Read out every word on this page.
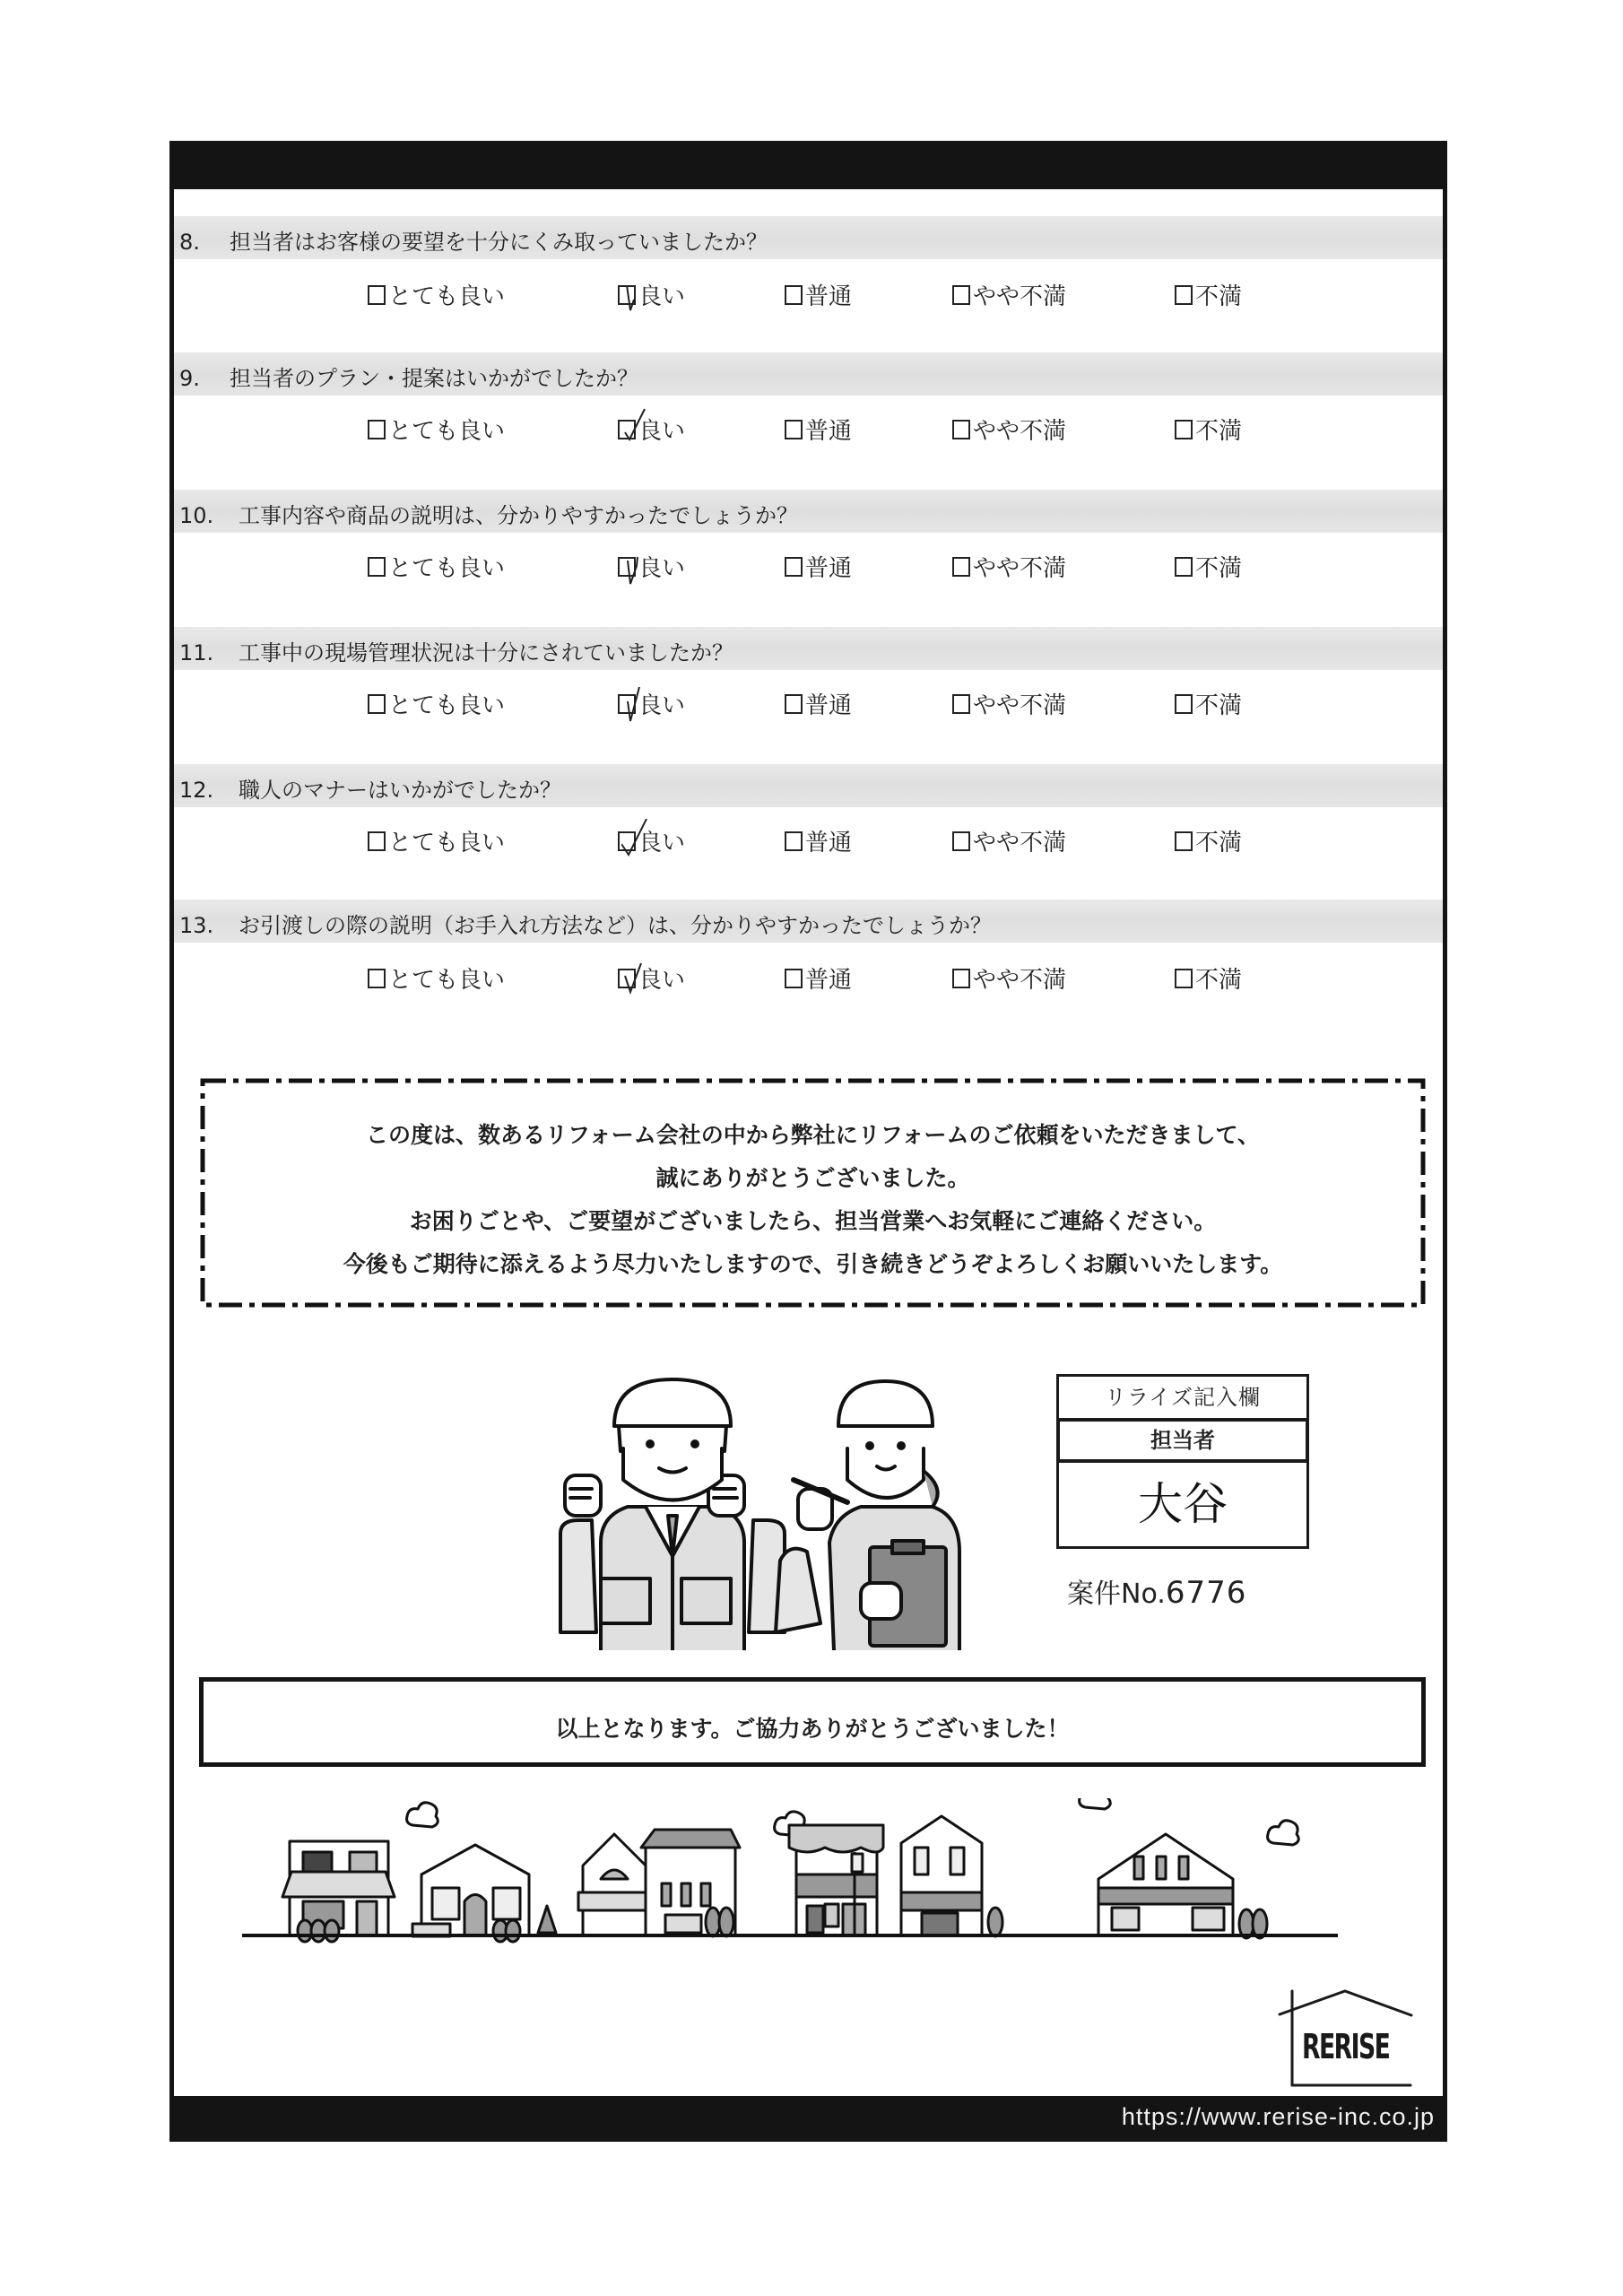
8. 担当者はお客様の要望を十分にくみ取っていましたか？
とても良い	良い	普通	やや不満	不満
9. 担当者のプラン・提案はいかがでしたか？
とても良い	良い	普通	やや不満	不満
10. 工事内容や商品の説明は、分かりやすかったでしょうか？
とても良い	良い	普通	やや不満	不満
11. 工事中の現場管理状況は十分にされていましたか？
とても良い	良い	普通	やや不満	不満
12. 職人のマナーはいかがでしたか？
とても良い	良い	普通	やや不満	不満
13. お引渡しの際の説明（お手入れ方法など）は、分かりやすかったでしょうか？
とても良い	良い	普通	やや不満	不満
この度は、数あるリフォーム会社の中から弊社にリフォームのご依頼をいただきまして、
誠にありがとうございました。
お困りごとや、ご要望がございましたら、担当営業へお気軽にご連絡ください。
今後もご期待に添えるよう尽力いたしますので、引き続きどうぞよろしくお願いいたします。
リライズ記入欄
担当者
大谷
案件No.6776
以上となります。ご協力ありがとうございました！
RERISE
https://www.rerise-inc.co.jp
